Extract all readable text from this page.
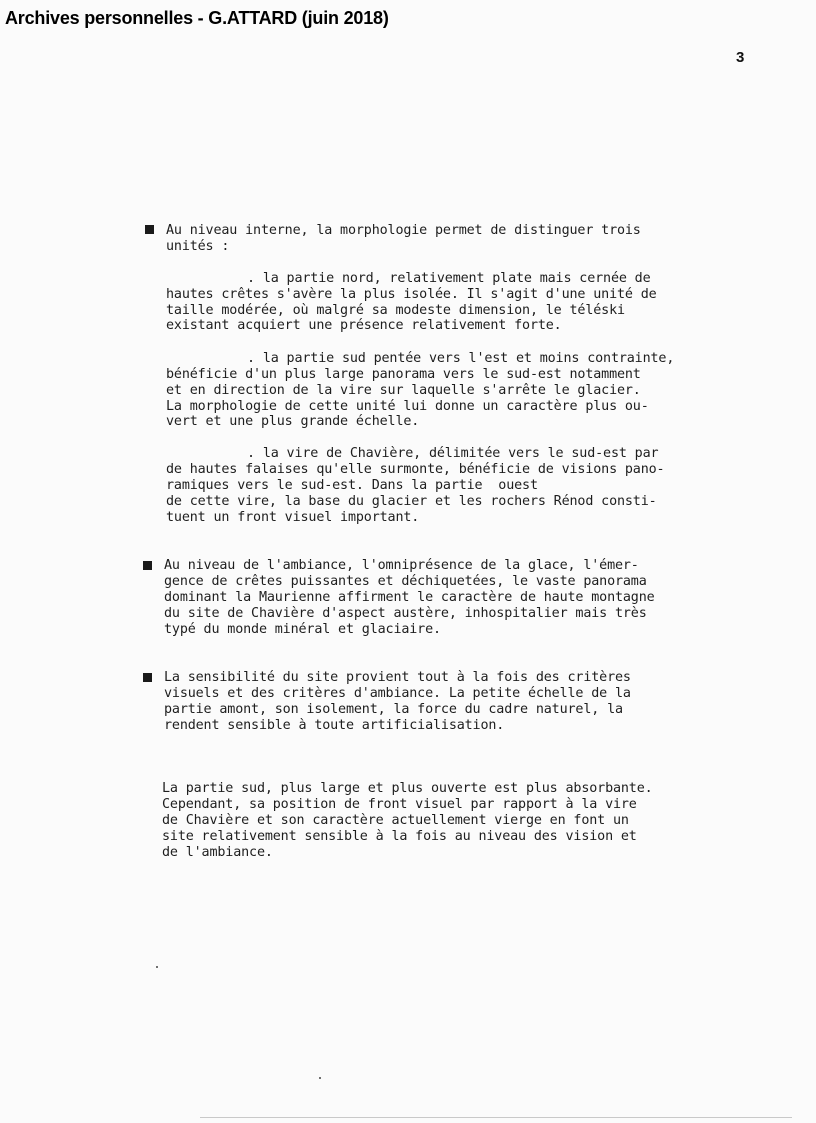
Archives personnelles - G.ATTARD (juin 2018)
3
Au niveau interne, la morphologie permet de distinguer trois
unités :
. la partie nord, relativement plate mais cernée de
hautes crêtes s'avère la plus isolée. Il s'agit d'une unité de
taille modérée, où malgré sa modeste dimension, le téléski
existant acquiert une présence relativement forte.
. la partie sud pentée vers l'est et moins contrainte,
bénéficie d'un plus large panorama vers le sud-est notamment
et en direction de la vire sur laquelle s'arrête le glacier.
La morphologie de cette unité lui donne un caractère plus ou-
vert et une plus grande échelle.
. la vire de Chavière, délimitée vers le sud-est par
de hautes falaises qu'elle surmonte, bénéficie de visions pano-
ramiques vers le sud-est. Dans la partie  ouest
de cette vire, la base du glacier et les rochers Rénod consti-
tuent un front visuel important.
Au niveau de l'ambiance, l'omniprésence de la glace, l'émer-
gence de crêtes puissantes et déchiquetées, le vaste panorama
dominant la Maurienne affirment le caractère de haute montagne
du site de Chavière d'aspect austère, inhospitalier mais très
typé du monde minéral et glaciaire.
La sensibilité du site provient tout à la fois des critères
visuels et des critères d'ambiance. La petite échelle de la
partie amont, son isolement, la force du cadre naturel, la
rendent sensible à toute artificialisation.
La partie sud, plus large et plus ouverte est plus absorbante.
Cependant, sa position de front visuel par rapport à la vire
de Chavière et son caractère actuellement vierge en font un
site relativement sensible à la fois au niveau des vision et
de l'ambiance.
